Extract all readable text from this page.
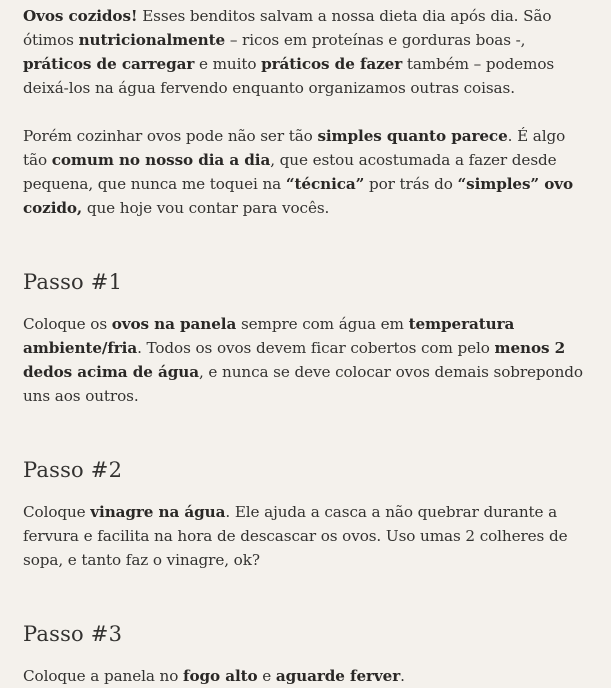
Ovos cozidos! Esses benditos salvam a nossa dieta dia após dia. São ótimos nutricionalmente – ricos em proteínas e gorduras boas -, práticos de carregar e muito práticos de fazer também – podemos deixá-los na água fervendo enquanto organizamos outras coisas.

Porém cozinhar ovos pode não ser tão simples quanto parece. É algo tão comum no nosso dia a dia, que estou acostumada a fazer desde pequena, que nunca me toquei na “técnica” por trás do “simples” ovo cozido, que hoje vou contar para vocês.

Passo #1

Coloque os ovos na panela sempre com água em temperatura ambiente/fria. Todos os ovos devem ficar cobertos com pelo menos 2 dedos acima de água, e nunca se deve colocar ovos demais sobrepondo uns aos outros.

Passo #2

Coloque vinagre na água. Ele ajuda a casca a não quebrar durante a fervura e facilita na hora de descascar os ovos. Uso umas 2 colheres de sopa, e tanto faz o vinagre, ok?

Passo #3

Coloque a panela no fogo alto e aguarde ferver.
